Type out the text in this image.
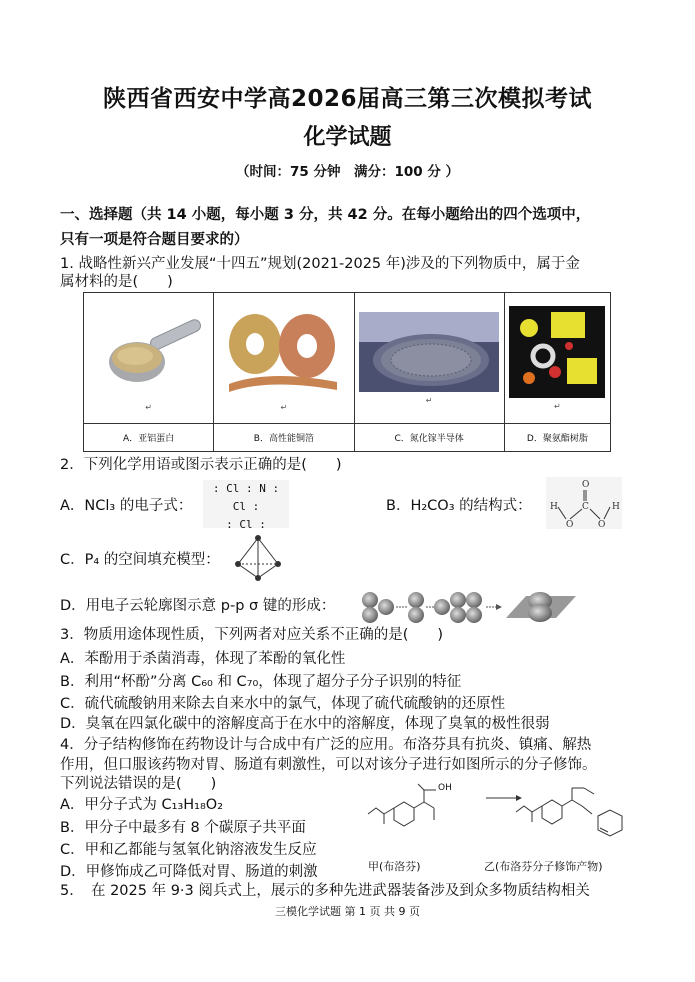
陕西省西安中学高2026届高三第三次模拟考试
化学试题
（时间：75 分钟　满分：100 分 ）
一、选择题（共 14 小题，每小题 3 分，共 42 分。在每小题给出的四个选项中，
只有一项是符合题目要求的）
1. 战略性新兴产业发展“十四五”规划(2021-2025 年)涉及的下列物质中，属于金
属材料的是(　　)
↵	↵	↵	↵

A．亚铝蛋白	B．高性能铜箔	C．氮化镓半导体	D．聚氨酯树脂
2．下列化学用语或图示表示正确的是(　　)
A．NCl₃ 的电子式：
: Cl : N : Cl :
: Cl :
B．H₂CO₃ 的结构式：
O
C
O	O
H	H
C．P₄ 的空间填充模型：
D．用电子云轮廓图示意 p-p σ 键的形成：
3．物质用途体现性质，下列两者对应关系不正确的是(　　)
A．苯酚用于杀菌消毒，体现了苯酚的氧化性
B．利用“杯酚”分离 C₆₀ 和 C₇₀，体现了超分子分子识别的特征
C．硫代硫酸钠用来除去自来水中的氯气，体现了硫代硫酸钠的还原性
D．臭氧在四氯化碳中的溶解度高于在水中的溶解度，体现了臭氧的极性很弱
4．分子结构修饰在药物设计与合成中有广泛的应用。布洛芬具有抗炎、镇痛、解热
作用，但口服该药物对胃、肠道有刺激性，可以对该分子进行如图所示的分子修饰。
下列说法错误的是(　　)
A．甲分子式为 C₁₃H₁₈O₂
B．甲分子中最多有 8 个碳原子共平面
C．甲和乙都能与氢氧化钠溶液发生反应
D．甲修饰成乙可降低对胃、肠道的刺激
OH
甲(布洛芬)	乙(布洛芬分子修饰产物)
5．　在 2025 年 9·3 阅兵式上，展示的多种先进武器装备涉及到众多物质结构相关
三模化学试题 第 1 页 共 9 页
